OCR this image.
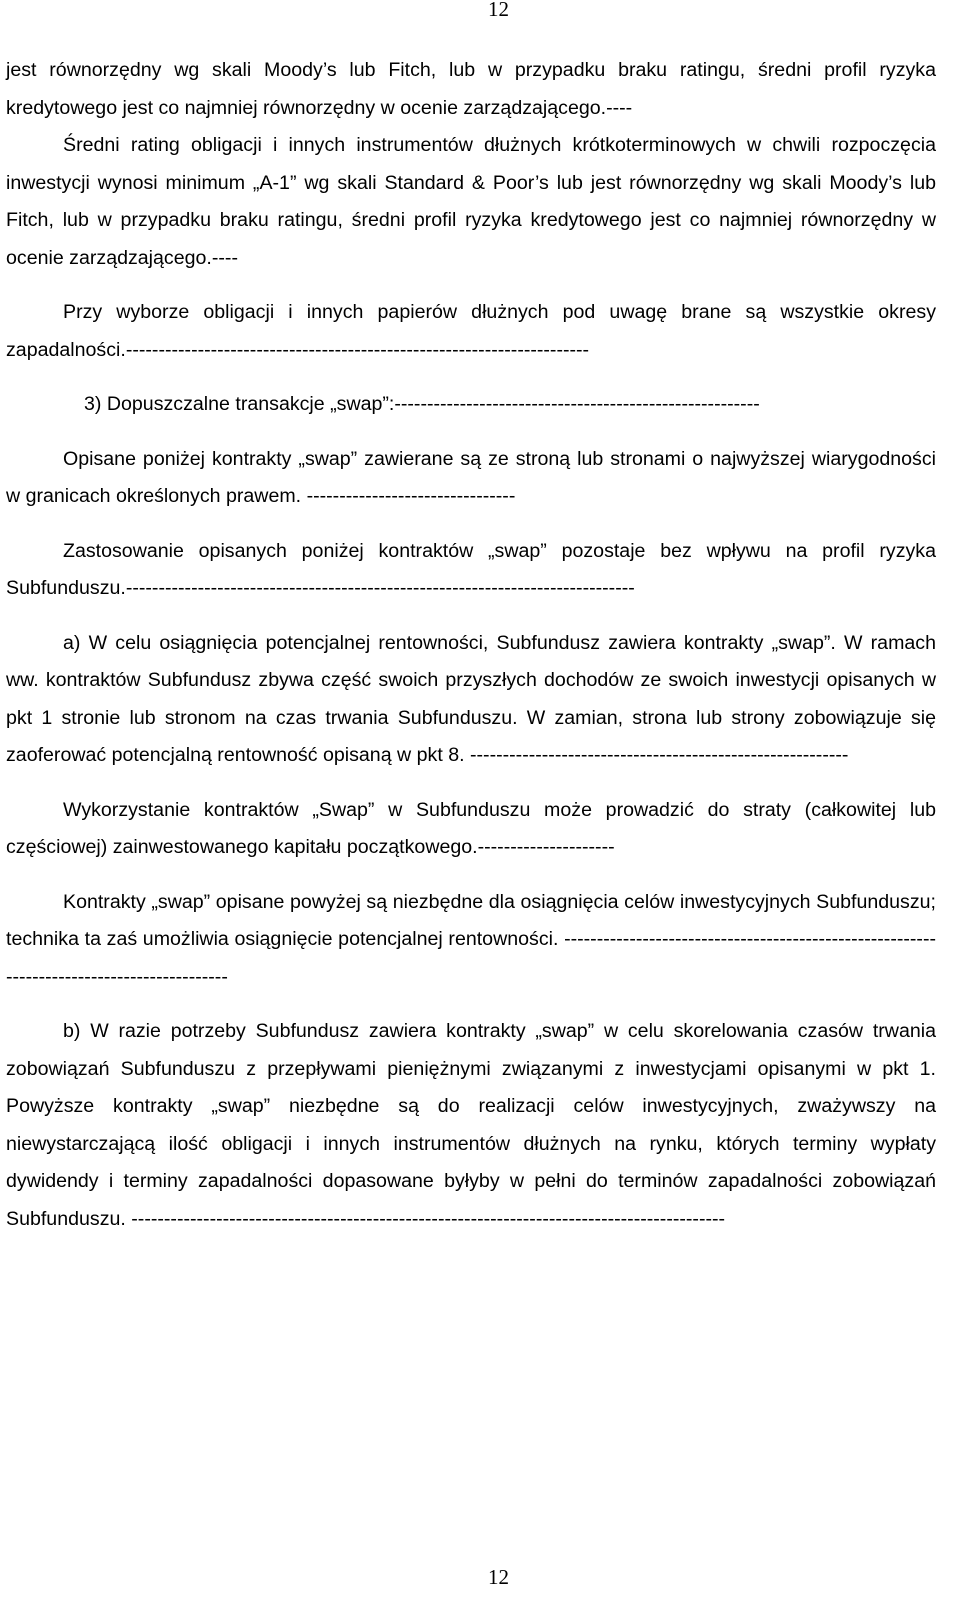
12

jest równorzędny wg skali Moody’s lub Fitch, lub w przypadku braku ratingu, średni profil ryzyka kredytowego jest co najmniej równorzędny w ocenie zarządzającego.----

Średni rating obligacji i innych instrumentów dłużnych krótkoterminowych w chwili rozpoczęcia inwestycji wynosi minimum „A-1” wg skali Standard & Poor’s lub jest równorzędny wg skali Moody’s lub Fitch, lub w przypadku braku ratingu, średni profil ryzyka kredytowego jest co najmniej równorzędny w ocenie zarządzającego.----

Przy wyborze obligacji i innych papierów dłużnych pod uwagę brane są wszystkie okresy zapadalności.-----------------------------------------------------------------------

3) Dopuszczalne transakcje „swap”:--------------------------------------------------------

Opisane poniżej kontrakty „swap” zawierane są ze stroną lub stronami o najwyższej wiarygodności w granicach określonych prawem. --------------------------------

Zastosowanie opisanych poniżej kontraktów „swap” pozostaje bez wpływu na profil ryzyka Subfunduszu.------------------------------------------------------------------------------

a) W celu osiągnięcia potencjalnej rentowności, Subfundusz zawiera kontrakty „swap”. W ramach ww. kontraktów Subfundusz zbywa część swoich przyszłych dochodów ze swoich inwestycji opisanych w pkt 1 stronie lub stronom na czas trwania Subfunduszu. W zamian, strona lub strony zobowiązuje się zaoferować potencjalną rentowność opisaną w pkt 8. ----------------------------------------------------------

Wykorzystanie kontraktów „Swap” w Subfunduszu może prowadzić do straty (całkowitej lub częściowej) zainwestowanego kapitału początkowego.---------------------

Kontrakty „swap” opisane powyżej są niezbędne dla osiągnięcia celów inwestycyjnych Subfunduszu; technika ta zaś umożliwia osiągnięcie potencjalnej rentowności. -------------------------------------------------------------------------------------------

b) W razie potrzeby Subfundusz zawiera kontrakty „swap” w celu skorelowania czasów trwania zobowiązań Subfunduszu z przepływami pieniężnymi związanymi z inwestycjami opisanymi w pkt 1. Powyższe kontrakty „swap” niezbędne są do realizacji celów inwestycyjnych, zważywszy na niewystarczającą ilość obligacji i innych instrumentów dłużnych na rynku, których terminy wypłaty dywidendy i terminy zapadalności dopasowane byłyby w pełni do terminów zapadalności zobowiązań Subfunduszu. -------------------------------------------------------------------------------------------

12
